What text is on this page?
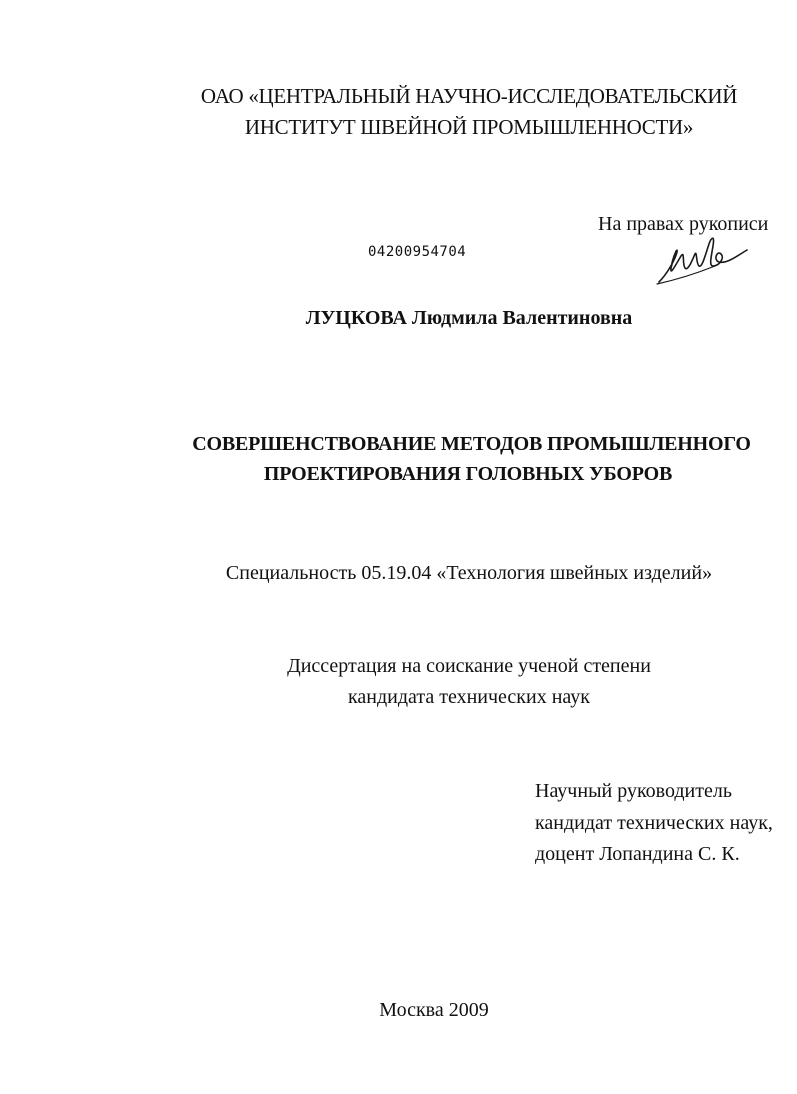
ОАО «ЦЕНТРАЛЬНЫЙ НАУЧНО-ИССЛЕДОВАТЕЛЬСКИЙ
ИНСТИТУТ ШВЕЙНОЙ ПРОМЫШЛЕННОСТИ»
На правах рукописи
04200954704
ЛУЦКОВА Людмила Валентиновна
СОВЕРШЕНСТВОВАНИЕ МЕТОДОВ ПРОМЫШЛЕННОГО
ПРОЕКТИРОВАНИЯ ГОЛОВНЫХ УБОРОВ
Специальность 05.19.04 «Технология швейных изделий»
Диссертация на соискание ученой степени
кандидата технических наук
Научный руководитель
кандидат технических наук,
доцент Лопандина С. К.
Москва 2009
